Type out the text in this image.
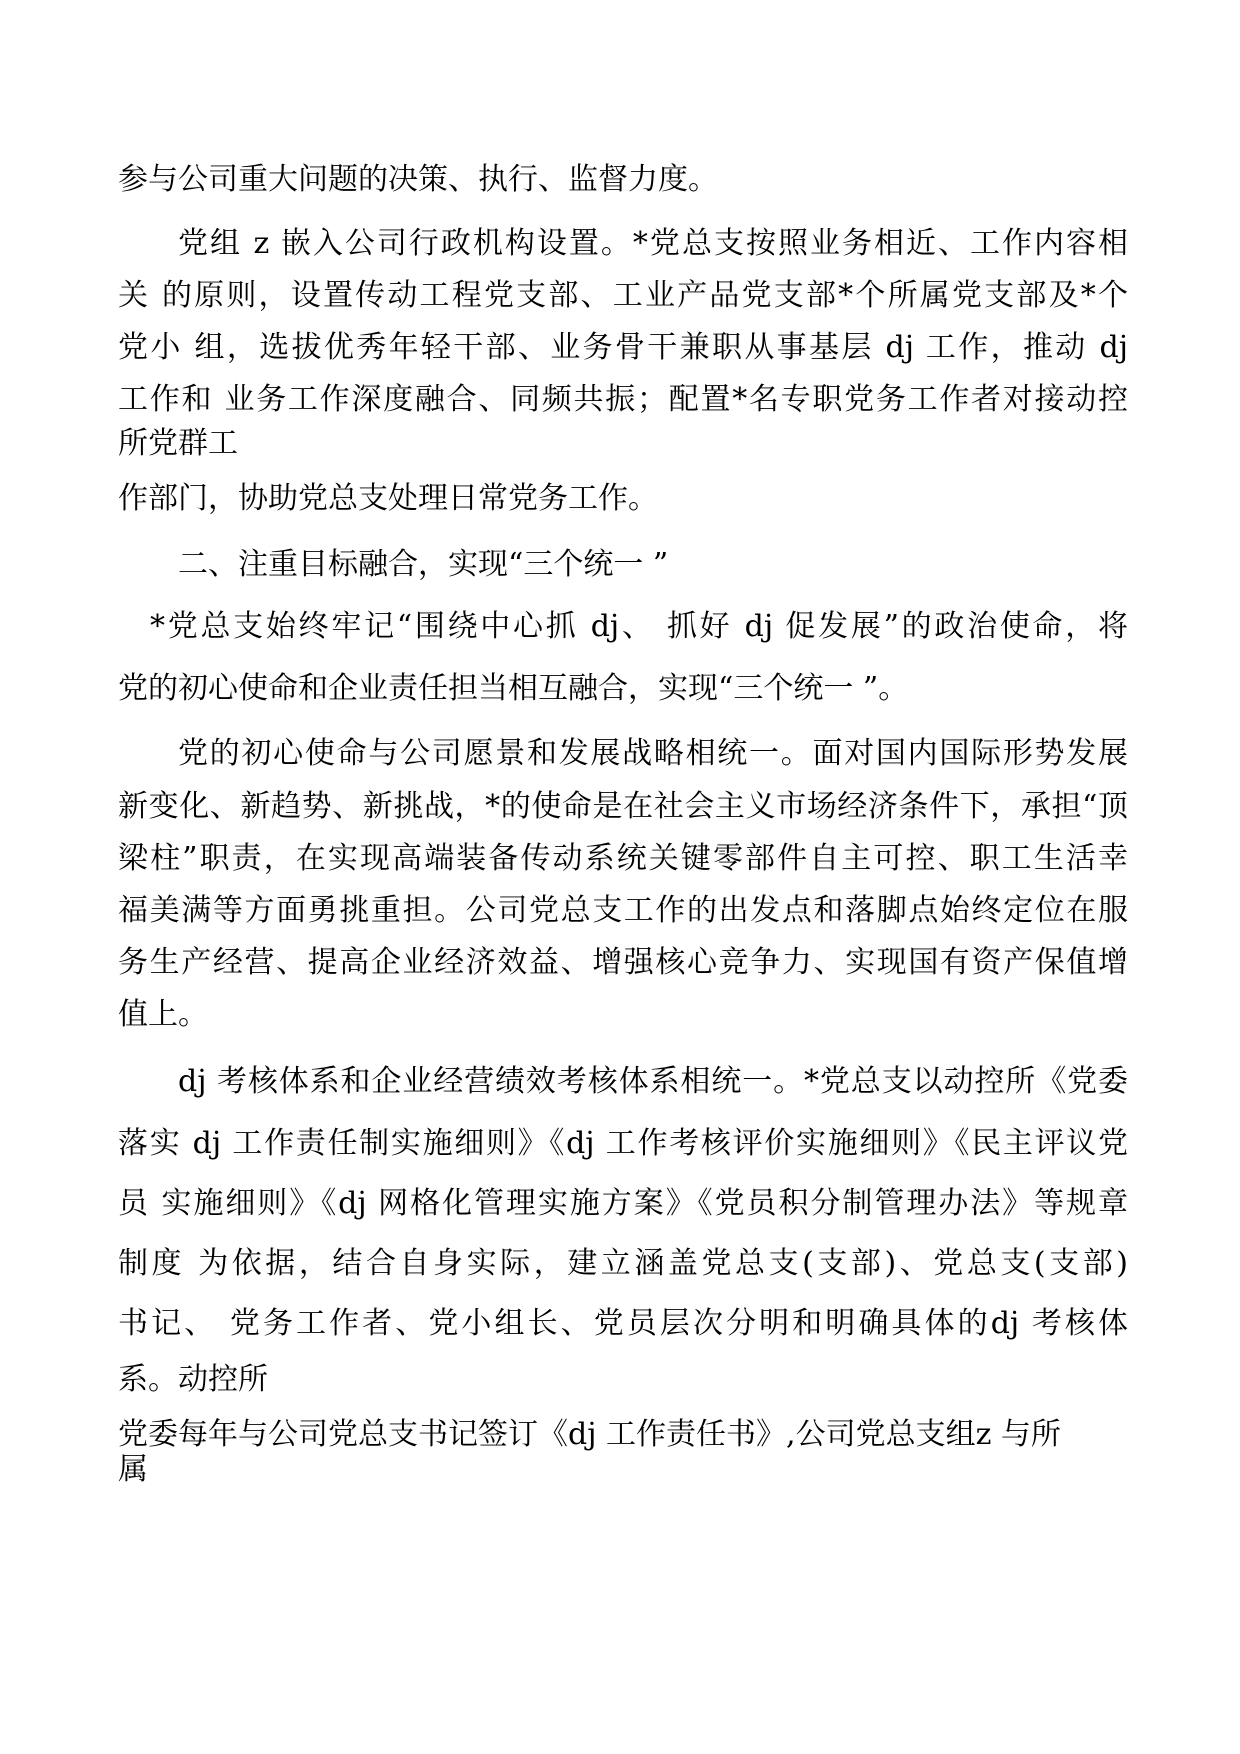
参与公司重大问题的决策、执行、监督力度。
党组 z 嵌入公司行政机构设置。*党总支按照业务相近、工作内容相
关 的原则，设置传动工程党支部、工业产品党支部*个所属党支部及*个
党小 组，选拔优秀年轻干部、业务骨干兼职从事基层 dj 工作，推动 dj
工作和 业务工作深度融合、同频共振；配置*名专职党务工作者对接动控
所党群工
作部门，协助党总支处理日常党务工作。
二、注重目标融合，实现“三个统一 ”
*党总支始终牢记“围绕中心抓 dj、 抓好 dj 促发展”的政治使命，将
党的初心使命和企业责任担当相互融合，实现“三个统一 ”。
党的初心使命与公司愿景和发展战略相统一。面对国内国际形势发展
新变化、新趋势、新挑战，*的使命是在社会主义市场经济条件下，承担“顶
梁柱”职责，在实现高端装备传动系统关键零部件自主可控、职工生活幸
福美满等方面勇挑重担。公司党总支工作的出发点和落脚点始终定位在服
务生产经营、提高企业经济效益、增强核心竞争力、实现国有资产保值增
值上。
dj 考核体系和企业经营绩效考核体系相统一。*党总支以动控所《党委
落实 dj 工作责任制实施细则》《dj 工作考核评价实施细则》《民主评议党
员 实施细则》《dj 网格化管理实施方案》《党员积分制管理办法》等规章
制度 为依据，结合自身实际，建立涵盖党总支(支部)、党总支(支部)
书记、 党务工作者、党小组长、党员层次分明和明确具体的dj 考核体
系。动控所
党委每年与公司党总支书记签订《dj 工作责任书》,公司党总支组z 与所
属
